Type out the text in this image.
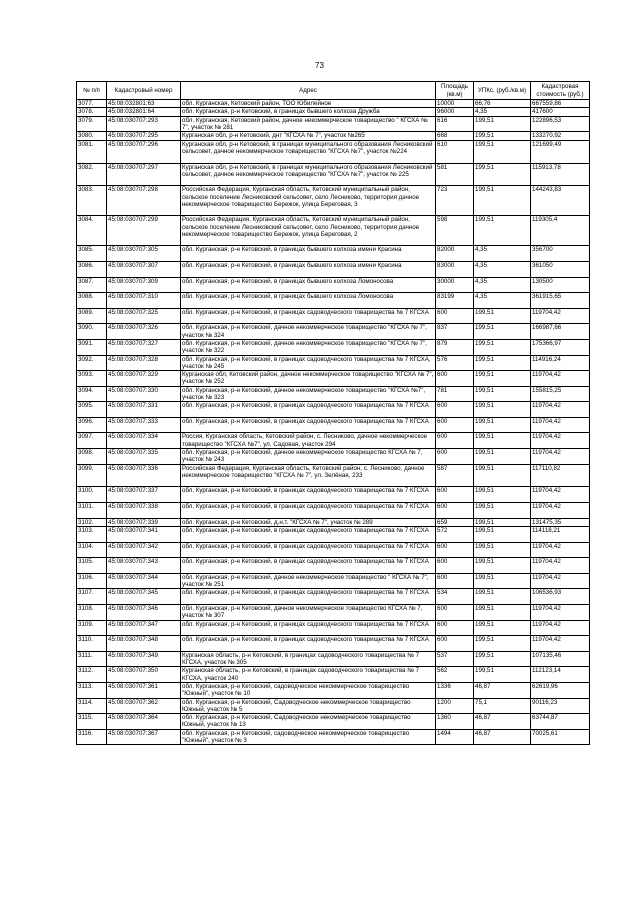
73
№ п/п	Кадастровый номер	Адрес	Площадь (кв.м)	УПКс. (руб./кв.м)	Кадастровая стоимость (руб.)
3077.	45:08:032801:63	обл. Курганская, Кетовский район, ТОО Юбилейное	10000	66,76	667559,86
3078.	45:08:032801:64	обл. Курганская, р-н Кетовский, в границах бывшего колхоза Дружба	96000	4,35	417600
3079.	45:08:030707:293	обл. Курганская, Кетовский район, дачное некоммерческое товарищество " КГСХА № 7", участок № 281	616	199,51	122896,53
3080.	45:08:030707:295	Курганская обл, р-н Кетовский, днт "КГСХА № 7", участок №265	668	199,51	133270,92
3081.	45:08:030707:296	Курганская обл, р-н Кетовский, в границах муниципального образования Лесниковский сельсовет, дачное некоммерческое товарищество "КГСХА №7", участок №224	610	199,51	121699,49
3082.	45:08:030707:297	Курганская обл, р-н Кетовский, в границах муниципального образования Лесниковский сельсовет, дачное некоммерческое товарищество "КГСХА №7", участок № 225	581	199,51	115913,78
3083.	45:08:030707:298	Российская Федерация, Курганская область, Кетовский муниципальный район, сельское поселение Лесниковский сельсовет, село Лесниково, территория дачное некоммерческое товарищество Бережок, улица Береговая, 3	723	199,51	144243,83
3084.	45:08:030707:299	Российская Федерация, Курганская область, Кетовский муниципальный район, сельское поселение Лесниковский сельсовет, село Лесниково, территория дачное некоммерческое товарищество Бережок, улица Береговая, 2	598	199,51	119305,4
3085.	45:08:030707:305	обл. Курганская, р-н Кетовский, в границах бывшего колхоза имени Красина	82000	4,35	356700
3086.	45:08:030707:307	обл. Курганская, р-н Кетовский, в границах бывшего колхоза имени Красина	83000	4,35	361050
3087.	45:08:030707:309	обл. Курганская, р-н Кетовский, в границах бывшего колхоза Ломоносова	30000	4,35	130500
3088.	45:08:030707:310	обл. Курганская, р-н Кетовский, в границах бывшего колхоза Ломоносова	83199	4,35	361915,65
3089.	45:08:030707:325	обл. Курганская, р-н Кетовский, в границах садоводческого товарищества № 7 КГСХА	600	199,51	119704,42
3090.	45:08:030707:326	обл. Курганская, р-н Кетовский, дачное некоммерческое товарищество "КГСХА № 7", участок № 324	837	199,51	166987,66
3091.	45:08:030707:327	обл. Курганская, р-н Кетовский, дачное некоммерческое товарищество "КГСХА № 7", участок № 322	879	199,51	175366,97
3092.	45:08:030707:328	обл. Курганская, р-н Кетовский, в границах садоводческого товарищества № 7 КГСХА, участок № 245	576	199,51	114916,24
3093.	45:08:030707:329	Курганская обл, Кетовский район, дачное некоммерческое товарищество "КГСХА № 7", участок № 252	600	199,51	119704,42
3094.	45:08:030707:330	обл. Курганская, р-н Кетовский, дачное некоммерческое товарищество "КГСХА №7", участок № 323	781	199,51	155815,25
3095.	45:08:030707:331	обл. Курганская, р-н Кетовский, в границах садоводческого товарищества № 7 КГСХА	600	199,51	119704,42
3096.	45:08:030707:333	обл. Курганская, р-н Кетовский, в границах садоводческого товарищества № 7 КГСХА	600	199,51	119704,42
3097.	45:08:030707:334	Россия, Курганская область, Кетовский район, с. Лесниково, дачное некоммерческое товарищество "КГСХА №7", ул. Садовая, участок 294	600	199,51	119704,42
3098.	45:08:030707:335	обл. Курганская, р-н Кетовский, дачное некоммерческое товарищество КГСХА № 7, участок № 243	600	199,51	119704,42
3099.	45:08:030707:336	Российская Федерация, Курганская область, Кетовский район, с. Лесниково, дачное некоммерческое товарищество "КГСХА № 7", ул. Зелёная, 233	587	199,51	117110,82
3100.	45:08:030707:337	обл. Курганская, р-н Кетовский, в границах садоводческого товарищества № 7 КГСХА	600	199,51	119704,42
3101.	45:08:030707:338	обл. Курганская, р-н Кетовский, в границах садоводческого товарищества № 7 КГСХА	600	199,51	119704,42
3102.	45:08:030707:339	обл. Курганская, р-н Кетовский, д.н.т. "КГСХА № 7", участок № 289	659	199,51	131475,35
3103.	45:08:030707:341	обл. Курганская, р-н Кетовский, в границах садоводческого товарищества № 7 КГСХА	572	199,51	114118,21
3104.	45:08:030707:342	обл. Курганская, р-н Кетовский, в границах садоводческого товарищества № 7 КГСХА	600	199,51	119704,42
3105.	45:08:030707:343	обл. Курганская, р-н Кетовский, в границах садоводческого товарищества № 7 КГСХА	600	199,51	119704,42
3106.	45:08:030707:344	обл. Курганская, р-н Кетовский, дачное некоммерческое товарищество " КГСХА № 7", участок № 251	600	199,51	119704,42
3107.	45:08:030707:345	обл. Курганская, р-н Кетовский, в границах садоводческого товарищества № 7 КГСХА	534	199,51	106536,93
3108.	45:08:030707:346	обл. Курганская, р-н Кетовский, дачное некоммерческое товарищество КГСХА № 7, участок № 307	600	199,51	119704,42
3109.	45:08:030707:347	обл. Курганская, р-н Кетовский, в границах садоводческого товарищества № 7 КГСХА	600	199,51	119704,42
3110.	45:08:030707:348	обл. Курганская, р-н Кетовский, в границах садоводческого товарищества № 7 КГСХА	600	199,51	119704,42
3111.	45:08:030707:349	Курганская область, р-н Кетовский, в границах садоводческого товарищества № 7 КГСХА, участок № 305	537	199,51	107135,46
3112.	45:08:030707:350	Курганская область, р-н Кетовский, в границах садоводческого товарищества № 7 КГСХА, участок 240	562	199,51	112123,14
3113.	45:08:030707:361	обл. Курганская, р-н Кетовский, садоводческое некоммерческое товарищество "Южный", участок № 10	1336	46,87	62619,96
3114.	45:08:030707:362	обл. Курганская, р-н Кетовский, Садоводческое некоммерческое товарищество Южный, участок № 5	1200	75,1	90116,23
3115.	45:08:030707:364	обл. Курганская, р-н Кетовский, Садоводческое некоммерческое товарищество Южный, участок № 13	1360	46,87	63744,87
3116.	45:08:030707:367	обл. Курганская, р-н Кетовский, садоводческое некоммерческое товарищество "Южный", участок № 3	1494	46,87	70025,61
